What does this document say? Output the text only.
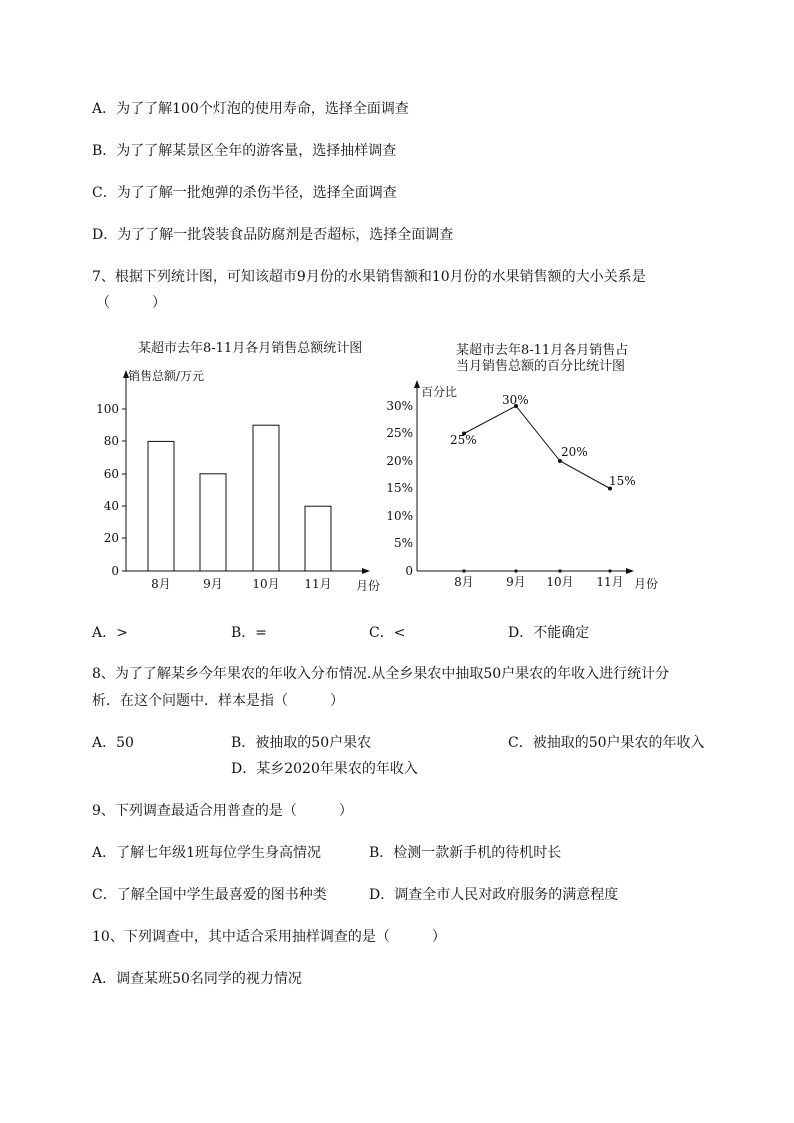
A．为了了解100个灯泡的使用寿命，选择全面调查
B．为了了解某景区全年的游客量，选择抽样调查
C．为了了解一批炮弹的杀伤半径，选择全面调查
D．为了了解一批袋装食品防腐剂是否超标，选择全面调查
7、根据下列统计图，可知该超市9月份的水果销售额和10月份的水果销售额的大小关系是
（　　　）
某超市去年8-11月各月销售总额统计图
销售总额/万元
月份
0
20
40
60
80
100
8月	9月 10月 11月
某超市去年8-11月各月销售占
当月销售总额的百分比统计图
百分比
月份
0
5%
10%
15%
20%
25%
30%
25%
30%
20%
15%
8月	9月 10月 11月
A．>	B．=	C．<	D．不能确定
8、为了了解某乡今年果农的年收入分布情况.从全乡果农中抽取50户果农的年收入进行统计分
析．在这个问题中．样本是指（　　　）
A．50	B．被抽取的50户果农	C．被抽取的50户果农的年收入
D．某乡2020年果农的年收入
9、下列调查最适合用普查的是（　　　）
A．了解七年级1班每位学生身高情况	B．检测一款新手机的待机时长
C．了解全国中学生最喜爱的图书种类	D．调查全市人民对政府服务的满意程度
10、下列调查中，其中适合采用抽样调查的是（　　　）
A．调查某班50名同学的视力情况
